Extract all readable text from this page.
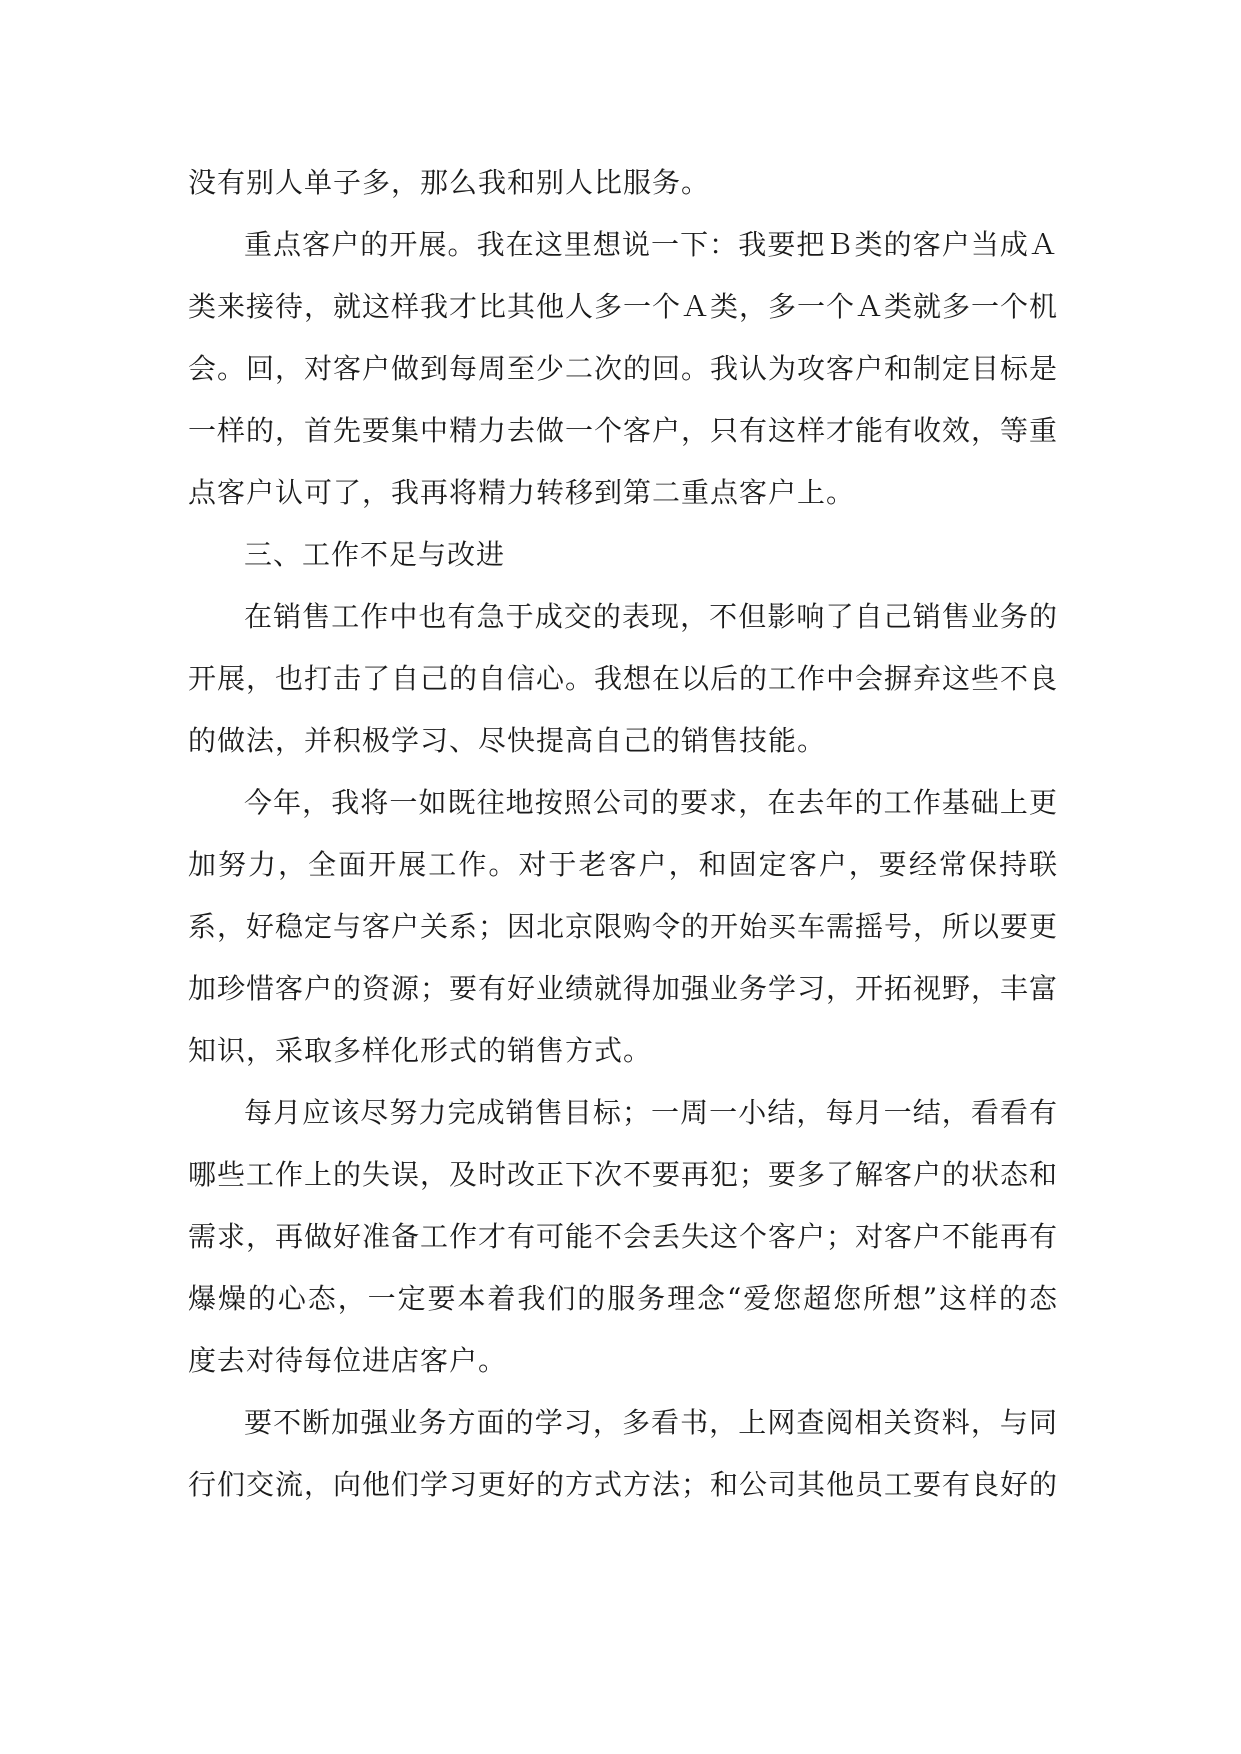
没有别人单子多，那么我和别人比服务。

重点客户的开展。我在这里想说一下：我要把Ｂ类的客户当成Ａ类来接待，就这样我才比其他人多一个Ａ类，多一个Ａ类就多一个机会。回，对客户做到每周至少二次的回。我认为攻客户和制定目标是一样的，首先要集中精力去做一个客户，只有这样才能有收效，等重点客户认可了，我再将精力转移到第二重点客户上。

三、工作不足与改进

在销售工作中也有急于成交的表现，不但影响了自己销售业务的开展，也打击了自己的自信心。我想在以后的工作中会摒弃这些不良的做法，并积极学习、尽快提高自己的销售技能。

今年，我将一如既往地按照公司的要求，在去年的工作基础上更加努力，全面开展工作。对于老客户，和固定客户，要经常保持联系，好稳定与客户关系；因北京限购令的开始买车需摇号，所以要更加珍惜客户的资源；要有好业绩就得加强业务学习，开拓视野，丰富知识，采取多样化形式的销售方式。

每月应该尽努力完成销售目标；一周一小结，每月一结，看看有哪些工作上的失误，及时改正下次不要再犯；要多了解客户的状态和需求，再做好准备工作才有可能不会丢失这个客户；对客户不能再有爆燥的心态，一定要本着我们的服务理念“爱您超您所想”这样的态度去对待每位进店客户。

要不断加强业务方面的学习，多看书，上网查阅相关资料，与同行们交流，向他们学习更好的方式方法；和公司其他员工要有良好的
